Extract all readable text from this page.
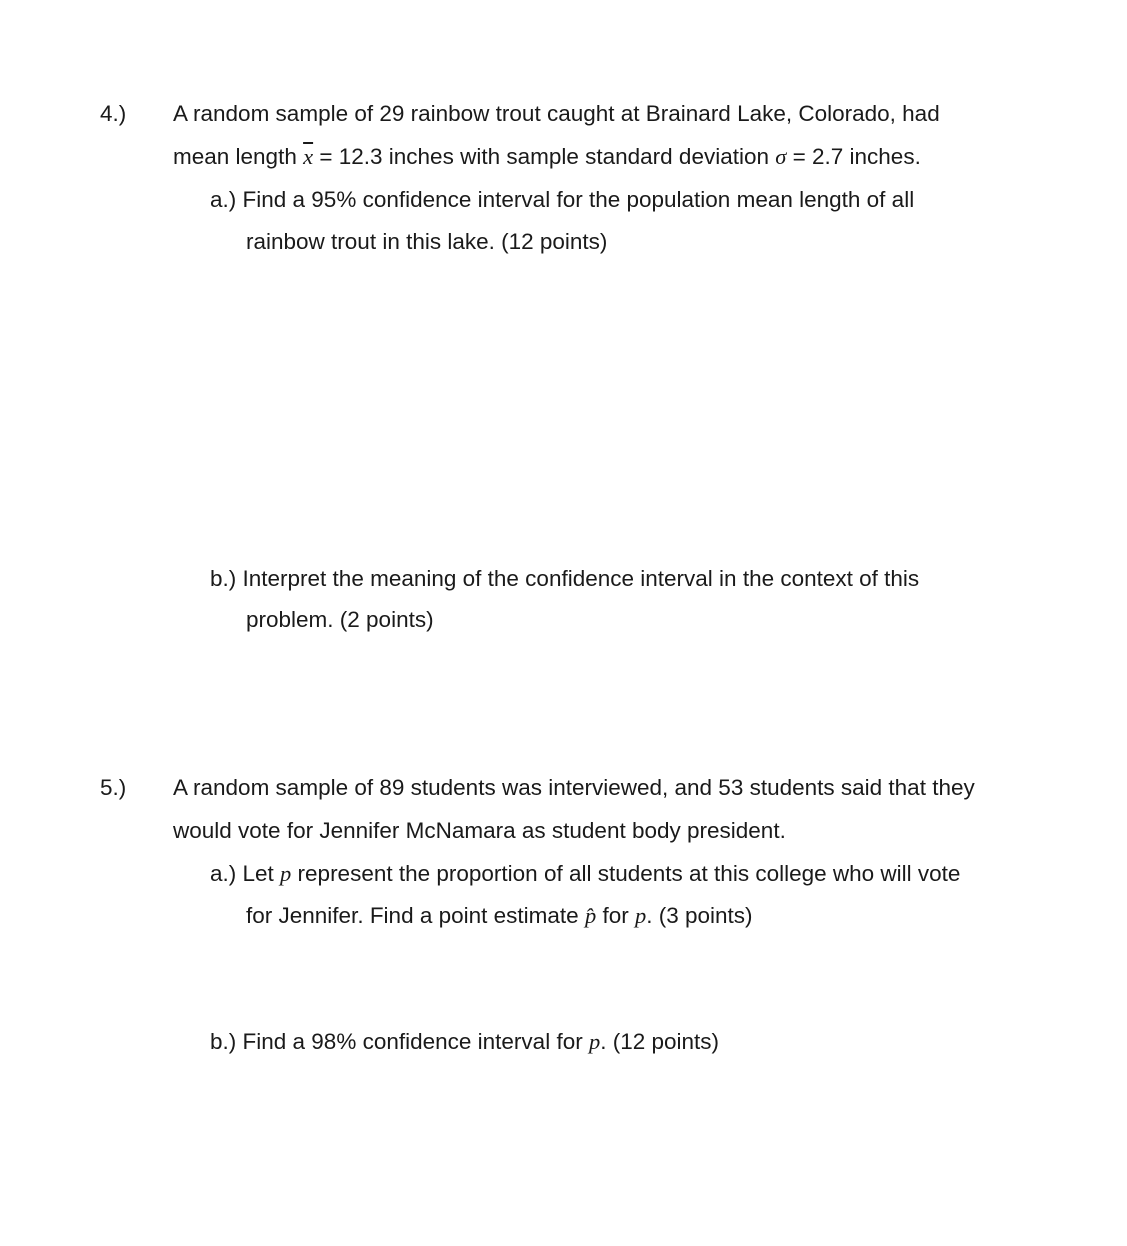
4.) A random sample of 29 rainbow trout caught at Brainard Lake, Colorado, had
mean length $\overline{x} = 12.3$ inches with sample standard deviation σ = 2.7 inches.
a.) Find a 95% confidence interval for the population mean length of all
rainbow trout in this lake. (12 points)
b.) Interpret the meaning of the confidence interval in the context of this
problem. (2 points)
5.) A random sample of 89 students was interviewed, and 53 students said that they
would vote for Jennifer McNamara as student body president.
a.) Let p represent the proportion of all students at this college who will vote
for Jennifer. Find a point estimate p̂ for p. (3 points)
b.) Find a 98% confidence interval for p. (12 points)
